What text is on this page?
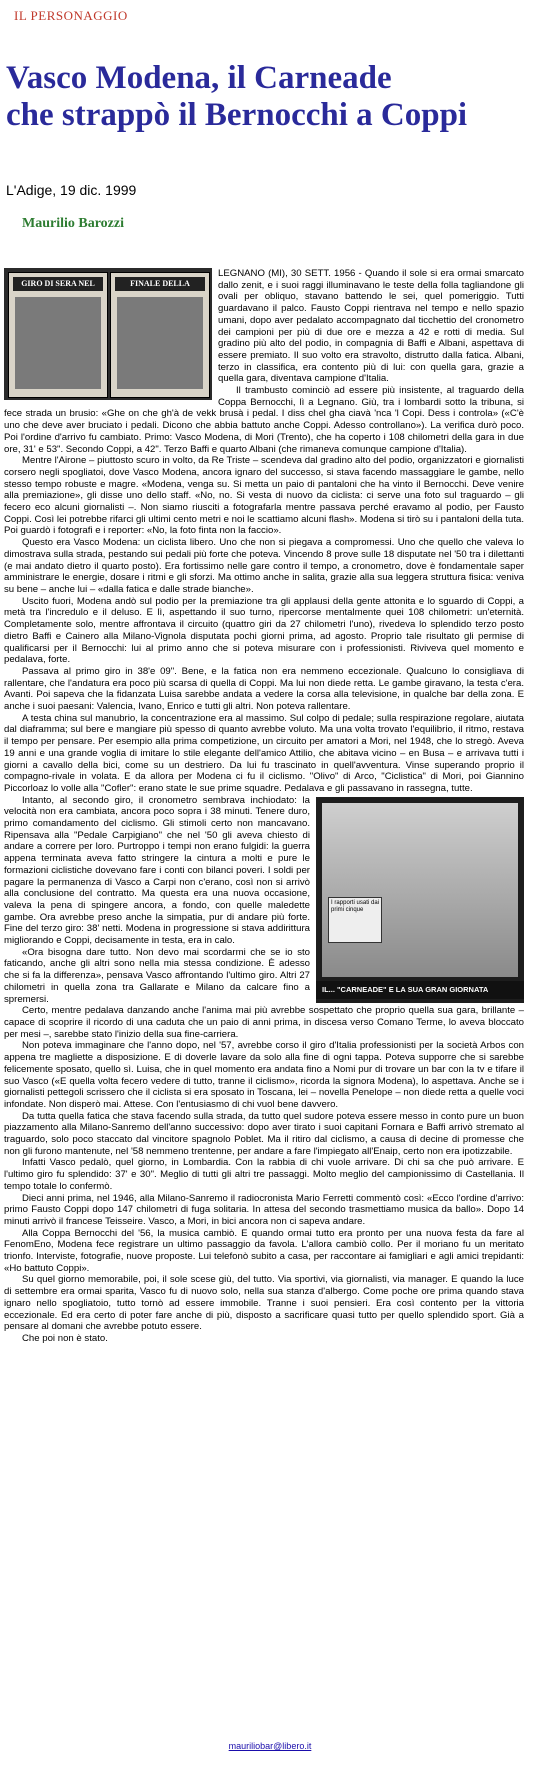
IL PERSONAGGIO
Vasco Modena, il Carneade
che strappò il Bernocchi a Coppi
L'Adige, 19 dic. 1999
Maurilio Barozzi
GIRO DI SERA NEL	FINALE DELLA

LEGNANO (MI), 30 SETT. 1956 - Quando il sole si era ormai smarcato dallo zenit, e i suoi raggi illuminavano le teste della folla tagliandone gli ovali per obliquo, stavano battendo le sei, quel pomeriggio. Tutti guardavano il palco. Fausto Coppi rientrava nel tempo e nello spazio umani, dopo aver pedalato accompagnato dal ticchettio del cronometro dei campioni per più di due ore e mezza a 42 e rotti di media. Sul gradino più alto del podio, in compagnia di Baffi e Albani, aspettava di essere premiato. Il suo volto era stravolto, distrutto dalla fatica. Albani, terzo in classifica, era contento più di lui: con quella gara, grazie a quella gara, diventava campione d'Italia.

Il trambusto cominciò ad essere più insistente, al traguardo della Coppa Bernocchi, lì a Legnano. Giù, tra i lombardi sotto la tribuna, si fece strada un brusio: «Ghe on che gh'à de vekk brusà i pedal. I diss chel gha ciavà 'nca 'l Copi. Dess i controla» («C'è uno che deve aver bruciato i pedali. Dicono che abbia battuto anche Coppi. Adesso controllano»). La verifica durò poco. Poi l'ordine d'arrivo fu cambiato. Primo: Vasco Modena, di Mori (Trento), che ha coperto i 108 chilometri della gara in due ore, 31' e 53". Secondo Coppi, a 42". Terzo Baffi e quarto Albani (che rimaneva comunque campione d'Italia).

Mentre l'Airone – piuttosto scuro in volto, da Re Triste – scendeva dal gradino alto del podio, organizzatori e giornalisti corsero negli spogliatoi, dove Vasco Modena, ancora ignaro del successo, si stava facendo massaggiare le gambe, nello stesso tempo robuste e magre. «Modena, venga su. Si metta un paio di pantaloni che ha vinto il Bernocchi. Deve venire alla premiazione», gli disse uno dello staff. «No, no. Si vesta di nuovo da ciclista: ci serve una foto sul traguardo – gli fecero eco alcuni giornalisti –. Non siamo riusciti a fotografarla mentre passava perché eravamo al podio, per Fausto Coppi. Così lei potrebbe rifarci gli ultimi cento metri e noi le scattiamo alcuni flash». Modena si tirò su i pantaloni della tuta. Poi guardò i fotografi e i reporter: «No, la foto finta non la faccio».

Questo era Vasco Modena: un ciclista libero. Uno che non si piegava a compromessi. Uno che quello che valeva lo dimostrava sulla strada, pestando sui pedali più forte che poteva. Vincendo 8 prove sulle 18 disputate nel '50 tra i dilettanti (e mai andato dietro il quarto posto). Era fortissimo nelle gare contro il tempo, a cronometro, dove è fondamentale saper amministrare le energie, dosare i ritmi e gli sforzi. Ma ottimo anche in salita, grazie alla sua leggera struttura fisica: veniva su bene – anche lui – «dalla fatica e dalle strade bianche».

Uscito fuori, Modena andò sul podio per la premiazione tra gli applausi della gente attonita e lo sguardo di Coppi, a metà tra l'incredulo e il deluso. E lì, aspettando il suo turno, ripercorse mentalmente quei 108 chilometri: un'eternità. Completamente solo, mentre affrontava il circuito (quattro giri da 27 chilometri l'uno), rivedeva lo splendido terzo posto dietro Baffi e Cainero alla Milano-Vignola disputata pochi giorni prima, ad agosto. Proprio tale risultato gli permise di qualificarsi per il Bernocchi: lui al primo anno che si poteva misurare con i professionisti. Riviveva quel momento e pedalava, forte.

Passava al primo giro in 38'e 09". Bene, e la fatica non era nemmeno eccezionale. Qualcuno lo consigliava di rallentare, che l'andatura era poco più scarsa di quella di Coppi. Ma lui non diede retta. Le gambe giravano, la testa c'era. Avanti. Poi sapeva che la fidanzata Luisa sarebbe andata a vedere la corsa alla televisione, in qualche bar della zona. E anche i suoi paesani: Valencia, Ivano, Enrico e tutti gli altri. Non poteva rallentare.

A testa china sul manubrio, la concentrazione era al massimo. Sul colpo di pedale; sulla respirazione regolare, aiutata dal diaframma; sul bere e mangiare più spesso di quanto avrebbe voluto. Ma una volta trovato l'equilibrio, il ritmo, restava il tempo per pensare. Per esempio alla prima competizione, un circuito per amatori a Mori, nel 1948, che lo stregò. Aveva 19 anni e una grande voglia di imitare lo stile elegante dell'amico Attilio, che abitava vicino – en Busa – e arrivava tutti i giorni a cavallo della bici, come su un destriero. Da lui fu trascinato in quell'avventura. Vinse superando proprio il compagno-rivale in volata. E da allora per Modena ci fu il ciclismo. "Olivo" di Arco, "Ciclistica" di Mori, poi Giannino Piccorloaz lo volle alla "Cofler": erano state le sue prime squadre. Pedalava e gli passavano in rassegna, tutte.

I rapporti usati dai primi cinque
IL... "CARNEADE" E LA SUA GRAN GIORNATA

Intanto, al secondo giro, il cronometro sembrava inchiodato: la velocità non era cambiata, ancora poco sopra i 38 minuti. Tenere duro, primo comandamento del ciclismo. Gli stimoli certo non mancavano. Ripensava alla "Pedale Carpigiano" che nel '50 gli aveva chiesto di andare a correre per loro. Purtroppo i tempi non erano fulgidi: la guerra appena terminata aveva fatto stringere la cintura a molti e pure le formazioni ciclistiche dovevano fare i conti con bilanci poveri. I soldi per pagare la permanenza di Vasco a Carpi non c'erano, così non si arrivò alla conclusione del contratto. Ma questa era una nuova occasione, valeva la pena di spingere ancora, a fondo, con quelle maledette gambe. Ora avrebbe preso anche la simpatia, pur di andare più forte. Fine del terzo giro: 38' netti. Modena in progressione si stava addirittura migliorando e Coppi, decisamente in testa, era in calo.

«Ora bisogna dare tutto. Non devo mai scordarmi che se io sto faticando, anche gli altri sono nella mia stessa condizione. È adesso che si fa la differenza», pensava Vasco affrontando l'ultimo giro. Altri 27 chilometri in quella zona tra Gallarate e Milano da calcare fino a spremersi.

Certo, mentre pedalava danzando anche l'anima mai più avrebbe sospettato che proprio quella sua gara, brillante – capace di scoprire il ricordo di una caduta che un paio di anni prima, in discesa verso Comano Terme, lo aveva bloccato per mesi –, sarebbe stato l'inizio della sua fine-carriera.

Non poteva immaginare che l'anno dopo, nel '57, avrebbe corso il giro d'Italia professionisti per la società Arbos con appena tre magliette a disposizione. E di doverle lavare da solo alla fine di ogni tappa. Poteva supporre che si sarebbe felicemente sposato, quello sì. Luisa, che in quel momento era andata fino a Nomi pur di trovare un bar con la tv e tifare il suo Vasco («E quella volta fecero vedere di tutto, tranne il ciclismo», ricorda la signora Modena), lo aspettava. Anche se i giornalisti pettegoli scrissero che il ciclista si era sposato in Toscana, lei – novella Penelope – non diede retta a quelle voci infondate. Non disperò mai. Attese. Con l'entusiasmo di chi vuol bene davvero.

Da tutta quella fatica che stava facendo sulla strada, da tutto quel sudore poteva essere messo in conto pure un buon piazzamento alla Milano-Sanremo dell'anno successivo: dopo aver tirato i suoi capitani Fornara e Baffi arrivò stremato al traguardo, solo poco staccato dal vincitore spagnolo Poblet. Ma il ritiro dal ciclismo, a causa di decine di promesse che non gli furono mantenute, nel '58 nemmeno trentenne, per andare a fare l'impiegato all'Enaip, certo non era ipotizzabile.

Infatti Vasco pedalò, quel giorno, in Lombardia. Con la rabbia di chi vuole arrivare. Di chi sa che può arrivare. E l'ultimo giro fu splendido: 37' e 30". Meglio di tutti gli altri tre passaggi. Molto meglio del campionissimo di Castellania. Il tempo totale lo confermò.

Dieci anni prima, nel 1946, alla Milano-Sanremo il radiocronista Mario Ferretti commentò così: «Ecco l'ordine d'arrivo: primo Fausto Coppi dopo 147 chilometri di fuga solitaria. In attesa del secondo trasmettiamo musica da ballo». Dopo 14 minuti arrivò il francese Teisseire. Vasco, a Mori, in bici ancora non ci sapeva andare.

Alla Coppa Bernocchi del '56, la musica cambiò. E quando ormai tutto era pronto per una nuova festa da fare al FenomEno, Modena fece registrare un ultimo passaggio da favola. L'allora cambiò collo. Per il moriano fu un meritato trionfo. Interviste, fotografie, nuove proposte. Lui telefonò subito a casa, per raccontare ai famigliari e agli amici trepidanti: «Ho battuto Coppi».

Su quel giorno memorabile, poi, il sole scese giù, del tutto. Via sportivi, via giornalisti, via manager. E quando la luce di settembre era ormai sparita, Vasco fu di nuovo solo, nella sua stanza d'albergo. Come poche ore prima quando stava ignaro nello spogliatoio, tutto tornò ad essere immobile. Tranne i suoi pensieri. Era così contento per la vittoria eccezionale. Ed era certo di poter fare anche di più, disposto a sacrificare quasi tutto per quello splendido sport. Già a pensare al domani che avrebbe potuto essere.

Che poi non è stato.

mauriliobar@libero.it
